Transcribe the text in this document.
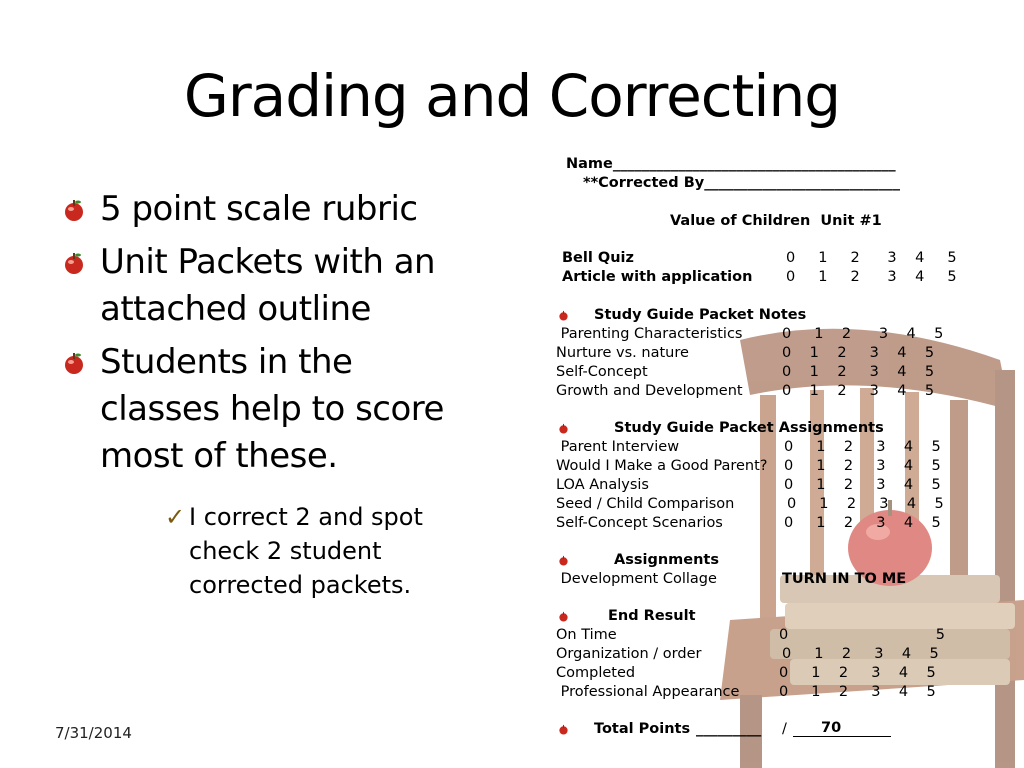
Grading and Correcting
5 point scale rubric
Unit Packets with an attached outline
Students in the classes help to score most of these.
✓ I correct 2 and spot check 2 student corrected packets.
7/31/2014
Name_______________________________________
**Corrected By___________________________
Value of Children  Unit #1
Bell Quiz	0     1     2      3    4     5
Article with application 0     1     2      3    4     5
Study Guide Packet Notes
Parenting Characteristics	0     1    2      3    4    5
Nurture vs. nature	0    1    2     3    4    5
Self-Concept	0    1    2     3    4    5
Growth and Development	0    1    2     3    4    5
Study Guide Packet Assignments
Parent Interview	0     1    2     3    4    5
Would I Make a Good Parent? 0     1    2     3    4    5
LOA Analysis	0     1    2     3    4    5
Seed / Child Comparison	0     1    2     3    4    5
Self-Concept Scenarios	0     1    2     3    4    5
Assignments
Development Collage	TURN IN TO ME
End Result
On Time	0                                5
Organization / order	0     1    2     3    4    5
Completed	0     1    2     3    4    5
Professional Appearance	0     1    2     3    4    5
Total Points _________ /	70
